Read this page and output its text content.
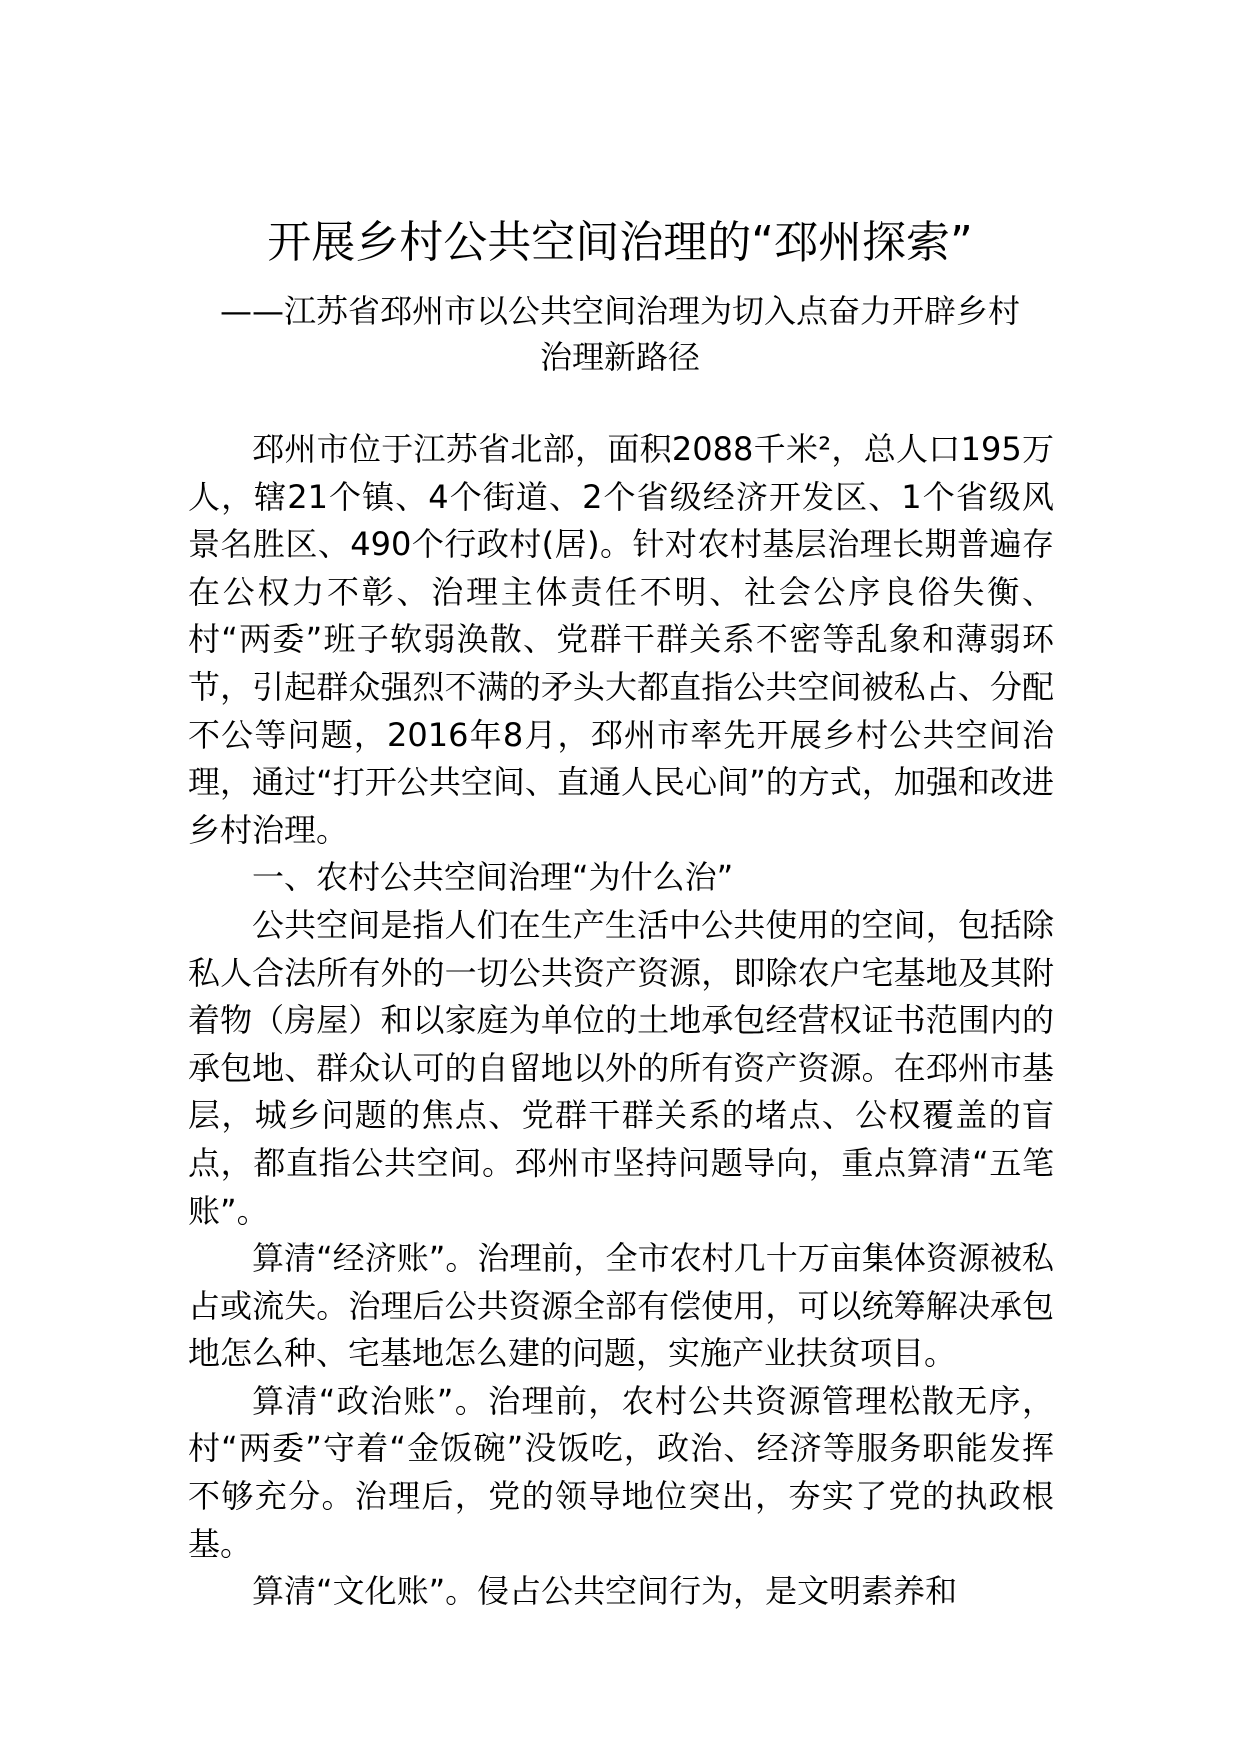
开展乡村公共空间治理的“邳州探索”
——江苏省邳州市以公共空间治理为切入点奋力开辟乡村
治理新路径

邳州市位于江苏省北部，面积2088千米²，总人口195万人，辖21个镇、4个街道、2个省级经济开发区、1个省级风景名胜区、490个行政村(居)。针对农村基层治理长期普遍存在公权力不彰、治理主体责任不明、社会公序良俗失衡、村“两委”班子软弱涣散、党群干群关系不密等乱象和薄弱环节，引起群众强烈不满的矛头大都直指公共空间被私占、分配不公等问题，2016年8月，邳州市率先开展乡村公共空间治理，通过“打开公共空间、直通人民心间”的方式，加强和改进乡村治理。

一、农村公共空间治理“为什么治”

公共空间是指人们在生产生活中公共使用的空间，包括除私人合法所有外的一切公共资产资源，即除农户宅基地及其附着物（房屋）和以家庭为单位的土地承包经营权证书范围内的承包地、群众认可的自留地以外的所有资产资源。在邳州市基层，城乡问题的焦点、党群干群关系的堵点、公权覆盖的盲点，都直指公共空间。邳州市坚持问题导向，重点算清“五笔账”。

算清“经济账”。治理前，全市农村几十万亩集体资源被私占或流失。治理后公共资源全部有偿使用，可以统筹解决承包地怎么种、宅基地怎么建的问题，实施产业扶贫项目。

算清“政治账”。治理前，农村公共资源管理松散无序，村“两委”守着“金饭碗”没饭吃，政治、经济等服务职能发挥不够充分。治理后，党的领导地位突出，夯实了党的执政根基。

算清“文化账”。侵占公共空间行为，是文明素养和
